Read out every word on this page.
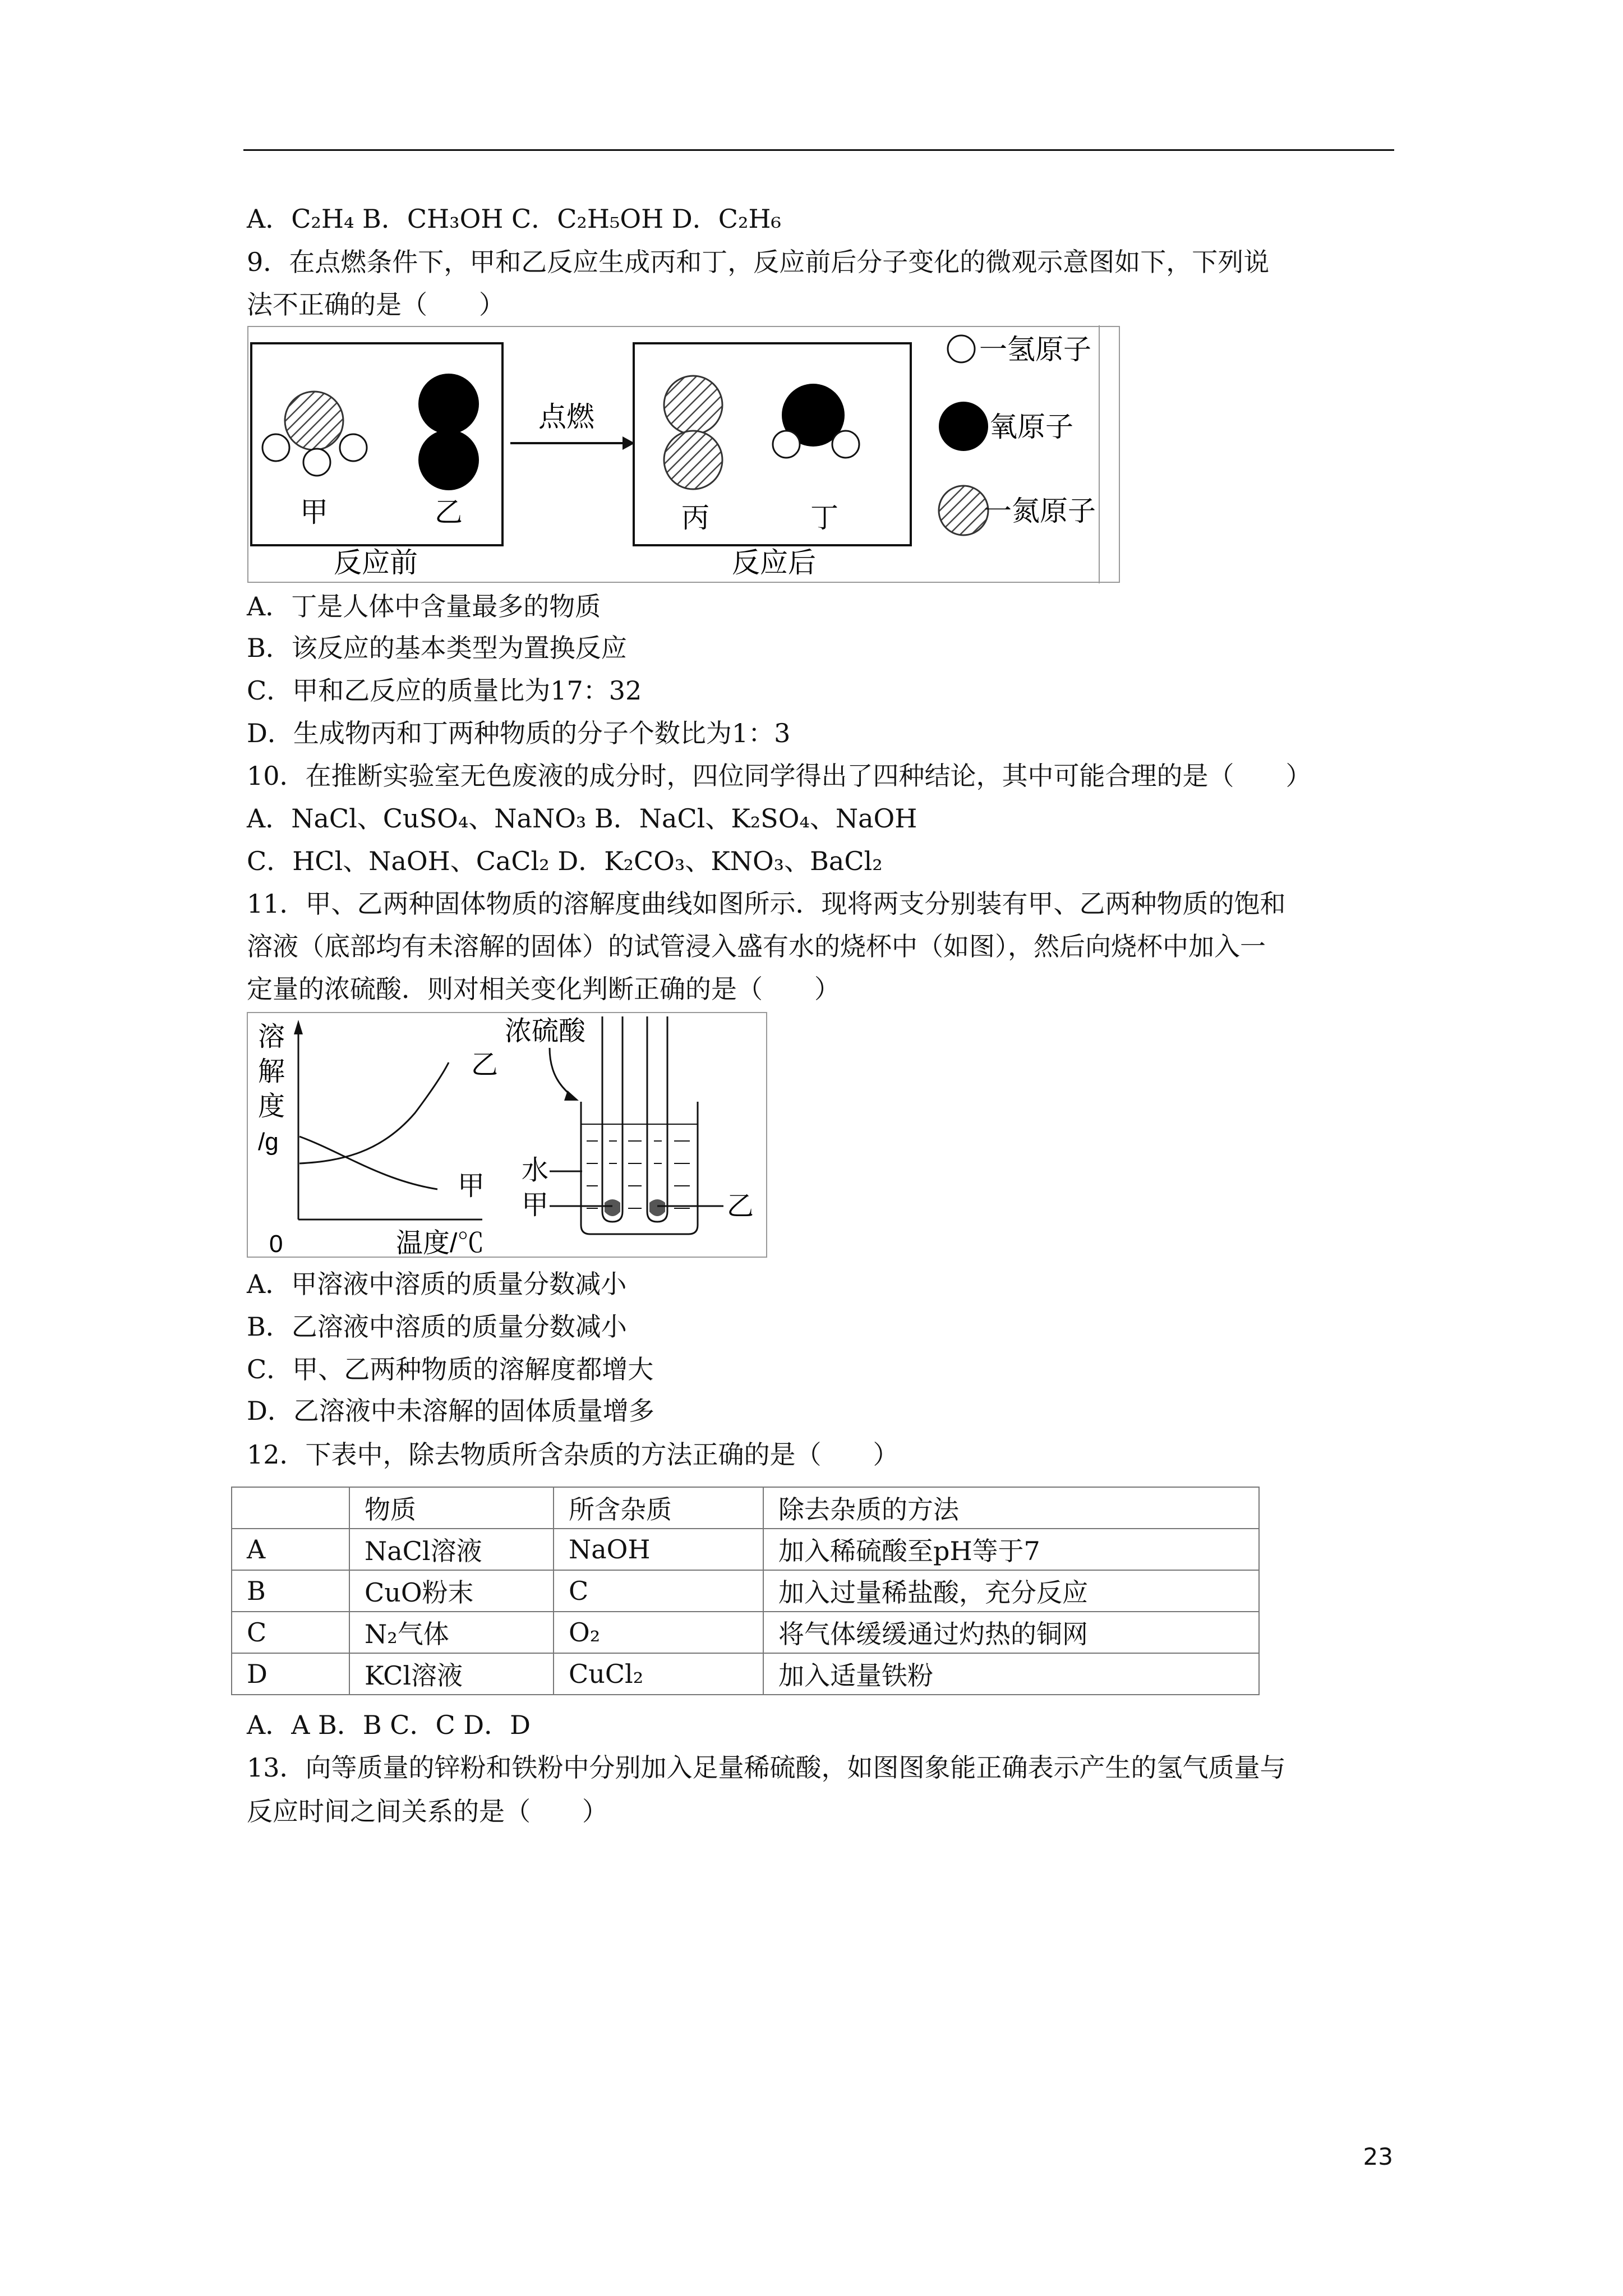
A．C₂H₄ B．CH₃OH C．C₂H₅OH D．C₂H₆
9．在点燃条件下，甲和乙反应生成丙和丁，反应前后分子变化的微观示意图如下，下列说
法不正确的是（　　）
甲	乙
反应前
点燃
丙	丁
反应后
一氢原子
氧原子
一氮原子
A．丁是人体中含量最多的物质
B．该反应的基本类型为置换反应
C．甲和乙反应的质量比为17：32
D．生成物丙和丁两种物质的分子个数比为1：3
10．在推断实验室无色废液的成分时，四位同学得出了四种结论，其中可能合理的是（　　）
A．NaCl、CuSO₄、NaNO₃ B．NaCl、K₂SO₄、NaOH
C．HCl、NaOH、CaCl₂ D．K₂CO₃、KNO₃、BaCl₂
11．甲、乙两种固体物质的溶解度曲线如图所示．现将两支分别装有甲、乙两种物质的饱和
溶液（底部均有未溶解的固体）的试管浸入盛有水的烧杯中（如图），然后向烧杯中加入一
定量的浓硫酸．则对相关变化判断正确的是（　　）
溶
解
度
/g
0	温度/℃
乙
甲
浓硫酸
水
甲	乙
A．甲溶液中溶质的质量分数减小
B．乙溶液中溶质的质量分数减小
C．甲、乙两种物质的溶解度都增大
D．乙溶液中未溶解的固体质量增多
12．下表中，除去物质所含杂质的方法正确的是（　　）
	物质	所含杂质	除去杂质的方法
A	NaCl溶液	NaOH	加入稀硫酸至pH等于7
B	CuO粉末	C	加入过量稀盐酸，充分反应
C	N₂气体	O₂	将气体缓缓通过灼热的铜网
D	KCl溶液	CuCl₂	加入适量铁粉
A．A B．B C．C D．D
13．向等质量的锌粉和铁粉中分别加入足量稀硫酸，如图图象能正确表示产生的氢气质量与
反应时间之间关系的是（　　）
23
